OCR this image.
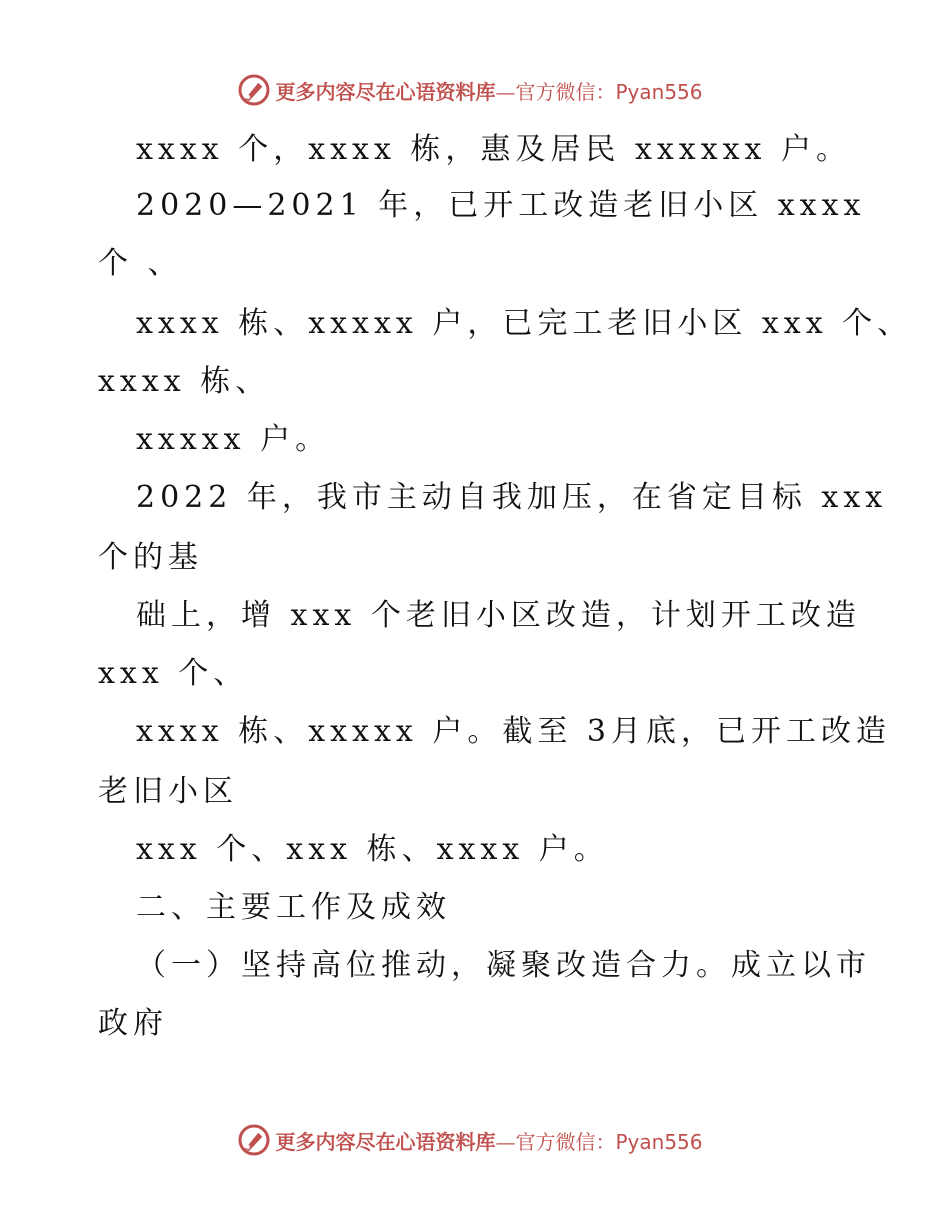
更多内容尽在心语资料库—官方微信：Pyan556
xxxx 个，xxxx 栋，惠及居民 xxxxxx 户。
2020—2021 年，已开工改造老旧小区 xxxx
个 、
xxxx 栋、xxxxx 户，已完工老旧小区 xxx 个、
xxxx 栋、
xxxxx 户。
2022 年，我市主动自我加压，在省定目标 xxx
个的基
础上，增 xxx 个老旧小区改造，计划开工改造
xxx 个、
xxxx 栋、xxxxx 户。截至 3月底，已开工改造
老旧小区
xxx 个、xxx 栋、xxxx 户。
二、主要工作及成效
（一）坚持高位推动，凝聚改造合力。成立以市
政府
更多内容尽在心语资料库—官方微信：Pyan556
